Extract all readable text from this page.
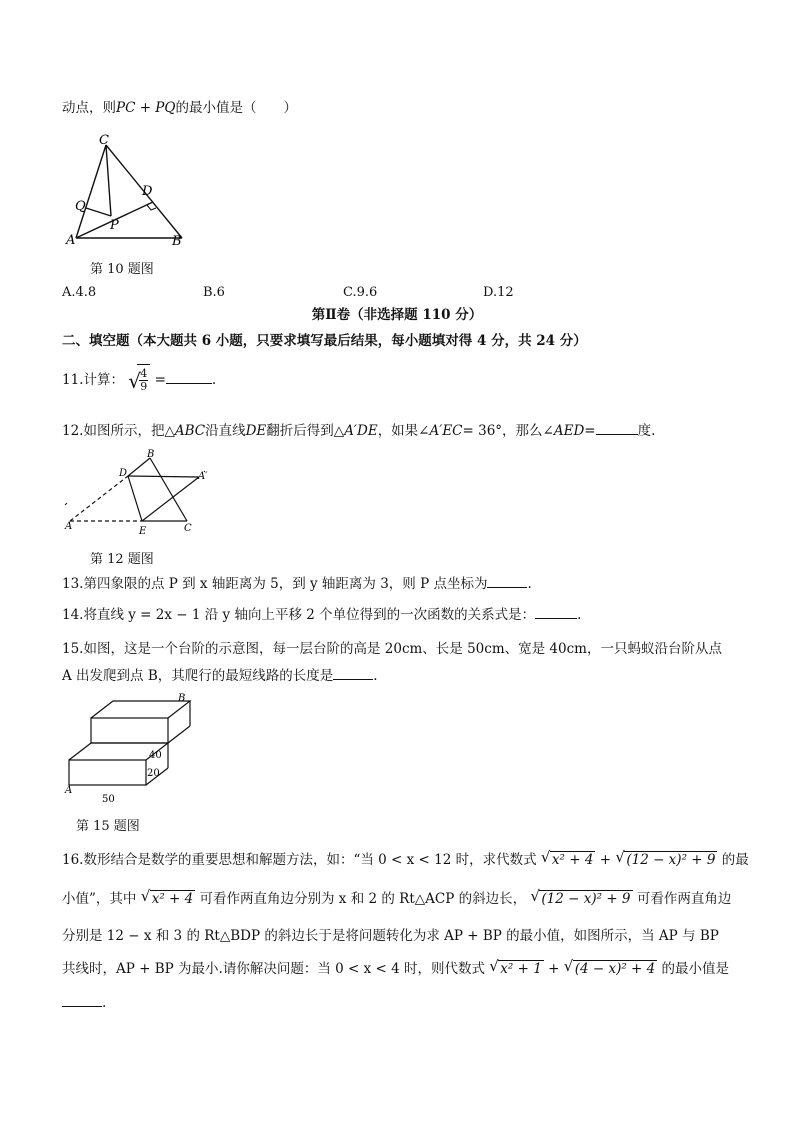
动点，则PC + PQ的最小值是（　　）
C
D
Q
P
A	B
第 10 题图
A.4.8	B.6	C.9.6	D.12
第Ⅱ卷（非选择题 110 分）
二、填空题（本大题共 6 小题，只要求填写最后结果，每小题填对得 4 分，共 24 分）
11.计算： √
$\frac{4}{9}$ =	.
12.如图所示，把△ABC沿直线DE翻折后得到△A′DE，如果∠A′EC= 36°，那么∠AED=	度.
B
D	A′
A	E	C
第 12 题图
13.第四象限的点 P 到 x 轴距离为 5，到 y 轴距离为 3，则 P 点坐标为	.
14.将直线 y = 2x − 1 沿 y 轴向上平移 2 个单位得到的一次函数的关系式是：	.
15.如图，这是一个台阶的示意图，每一层台阶的高是 20cm、长是 50cm、宽是 40cm，一只蚂蚁沿台阶从点
A 出发爬到点 B，其爬行的最短线路的长度是	.
B
40
20
A
50
第 15 题图
16.数形结合是数学的重要思想和解题方法，如：“当 0 < x < 12 时，求代数式 √ x² + 4 + √ (12 − x)² + 9 的最
小值”，其中 √ x² + 4 可看作两直角边分别为 x 和 2 的 Rt△ACP 的斜边长， √ (12 − x)² + 9 可看作两直角边
分别是 12 − x 和 3 的 Rt△BDP 的斜边长于是将问题转化为求 AP + BP 的最小值，如图所示，当 AP 与 BP
共线时，AP + BP 为最小.请你解决问题：当 0 < x < 4 时，则代数式 √ x² + 1 + √ (4 − x)² + 4 的最小值是
.
